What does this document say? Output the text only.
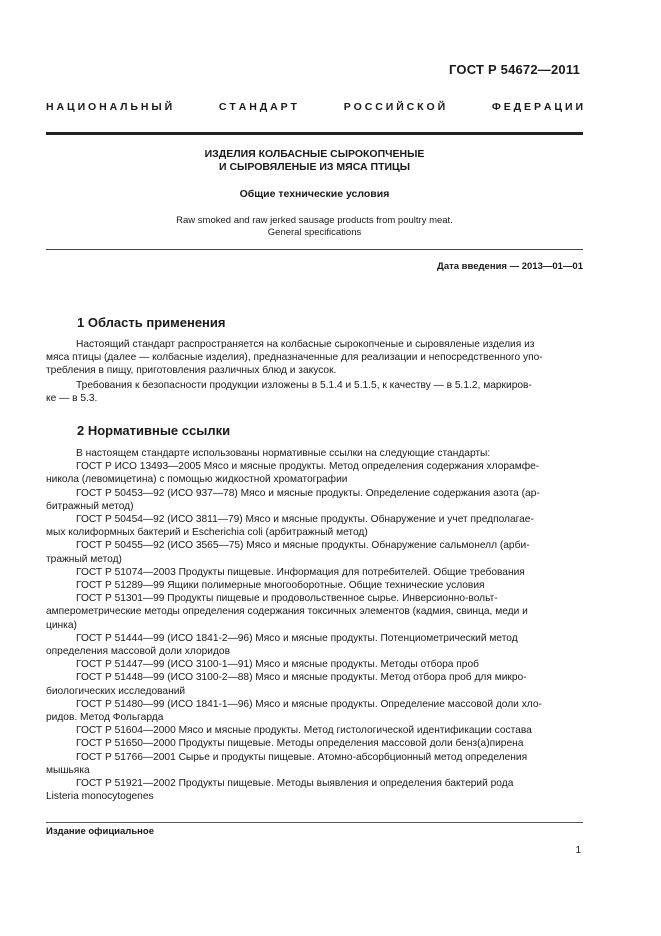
ГОСТ Р 54672—2011
Н А Ц И О Н А Л Ь Н Ы Й	С Т А Н Д А Р Т	Р О С С И Й С К О Й	Ф Е Д Е Р А Ц И И
ИЗДЕЛИЯ КОЛБАСНЫЕ СЫРОКОПЧЕНЫЕ
И СЫРОВЯЛЕНЫЕ ИЗ МЯСА ПТИЦЫ
Общие технические условия
Raw smoked and raw jerked sausage products from poultry meat.
General specifications
Дата введения — 2013—01—01
1 Область применения
Настоящий стандарт распространяется на колбасные сырокопченые и сыровяленые изделия из
мяса птицы (далее — колбасные изделия), предназначенные для реализации и непосредственного упо-
требления в пищу, приготовления различных блюд и закусок.
Требования к безопасности продукции изложены в 5.1.4 и 5.1.5, к качеству — в 5.1.2, маркиров-
ке — в 5.3.
2 Нормативные ссылки
В настоящем стандарте использованы нормативные ссылки на следующие стандарты:
ГОСТ Р ИСО 13493—2005 Мясо и мясные продукты. Метод определения содержания хлорамфе-
никола (левомицетина) с помощью жидкостной хроматографии
ГОСТ Р 50453—92 (ИСО 937—78) Мясо и мясные продукты. Определение содержания азота (ар-
битражный метод)
ГОСТ Р 50454—92 (ИСО 3811—79) Мясо и мясные продукты. Обнаружение и учет предполагае-
мых колиформных бактерий и Escherichia coli (арбитражный метод)
ГОСТ Р 50455—92 (ИСО 3565—75) Мясо и мясные продукты. Обнаружение сальмонелл (арби-
тражный метод)
ГОСТ Р 51074—2003 Продукты пищевые. Информация для потребителей. Общие требования
ГОСТ Р 51289—99 Ящики полимерные многооборотные. Общие технические условия
ГОСТ Р 51301—99 Продукты пищевые и продовольственное сырье. Инверсионно-вольт-
амперометрические методы определения содержания токсичных элементов (кадмия, свинца, меди и
цинка)
ГОСТ Р 51444—99 (ИСО 1841-2—96) Мясо и мясные продукты. Потенциометрический метод
определения массовой доли хлоридов
ГОСТ Р 51447—99 (ИСО 3100-1—91) Мясо и мясные продукты. Методы отбора проб
ГОСТ Р 51448—99 (ИСО 3100-2—88) Мясо и мясные продукты. Метод отбора проб для микро-
биологических исследований
ГОСТ Р 51480—99 (ИСО 1841-1—96) Мясо и мясные продукты. Определение массовой доли хло-
ридов. Метод Фольгарда
ГОСТ Р 51604—2000 Мясо и мясные продукты. Метод гистологической идентификации состава
ГОСТ Р 51650—2000 Продукты пищевые. Методы определения массовой доли бенз(а)пирена
ГОСТ Р 51766—2001 Сырье и продукты пищевые. Атомно-абсорбционный метод определения
мышьяка
ГОСТ Р 51921—2002 Продукты пищевые. Методы выявления и определения бактерий рода
Listeria monocytogenes
Издание официальное
1
